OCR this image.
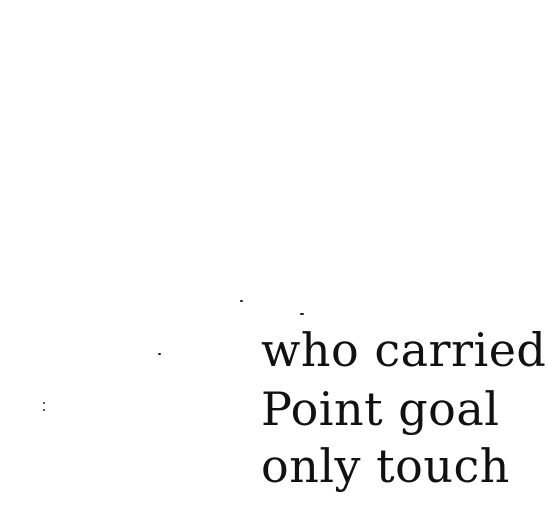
who carried
Point goal
only touch
